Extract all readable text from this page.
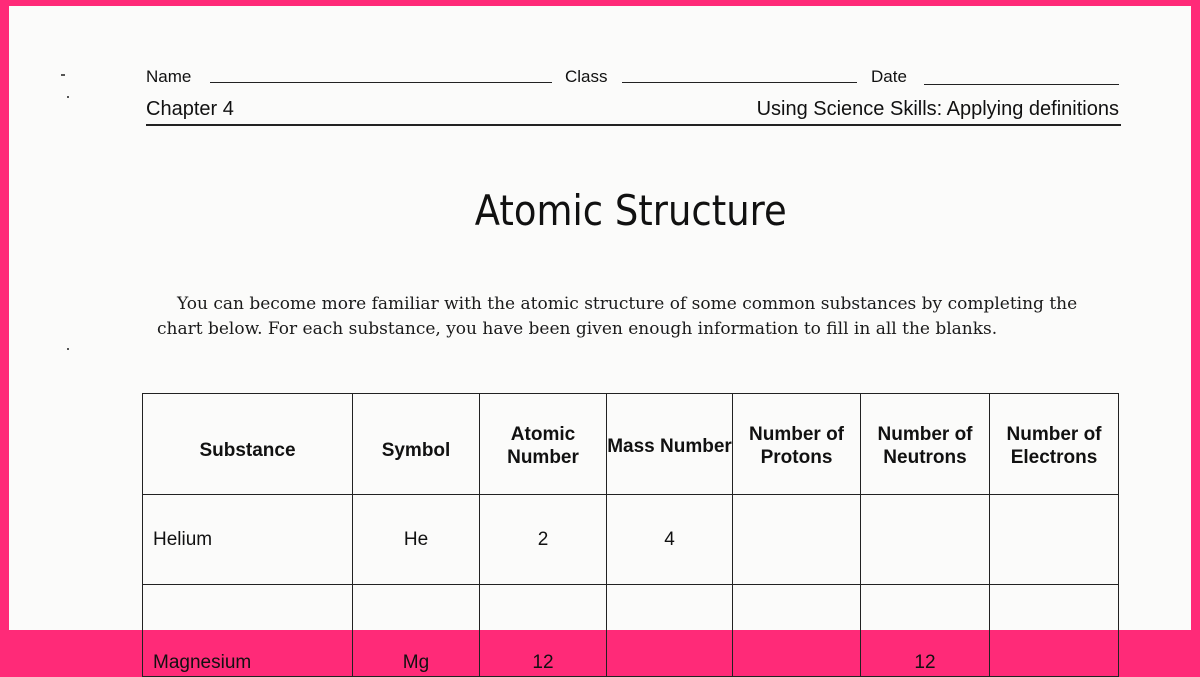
Name	Class	Date
Chapter 4	Using Science Skills: Applying definitions
Atomic Structure

You can become more familiar with the atomic structure of some common substances by completing the chart below. For each substance, you have been given enough information to fill in all the blanks.

Substance	Symbol	Atomic Number	Mass Number	Number of Protons	Number of Neutrons	Number of Electrons
Helium	He	2	4			
Magnesium	Mg	12			12	
